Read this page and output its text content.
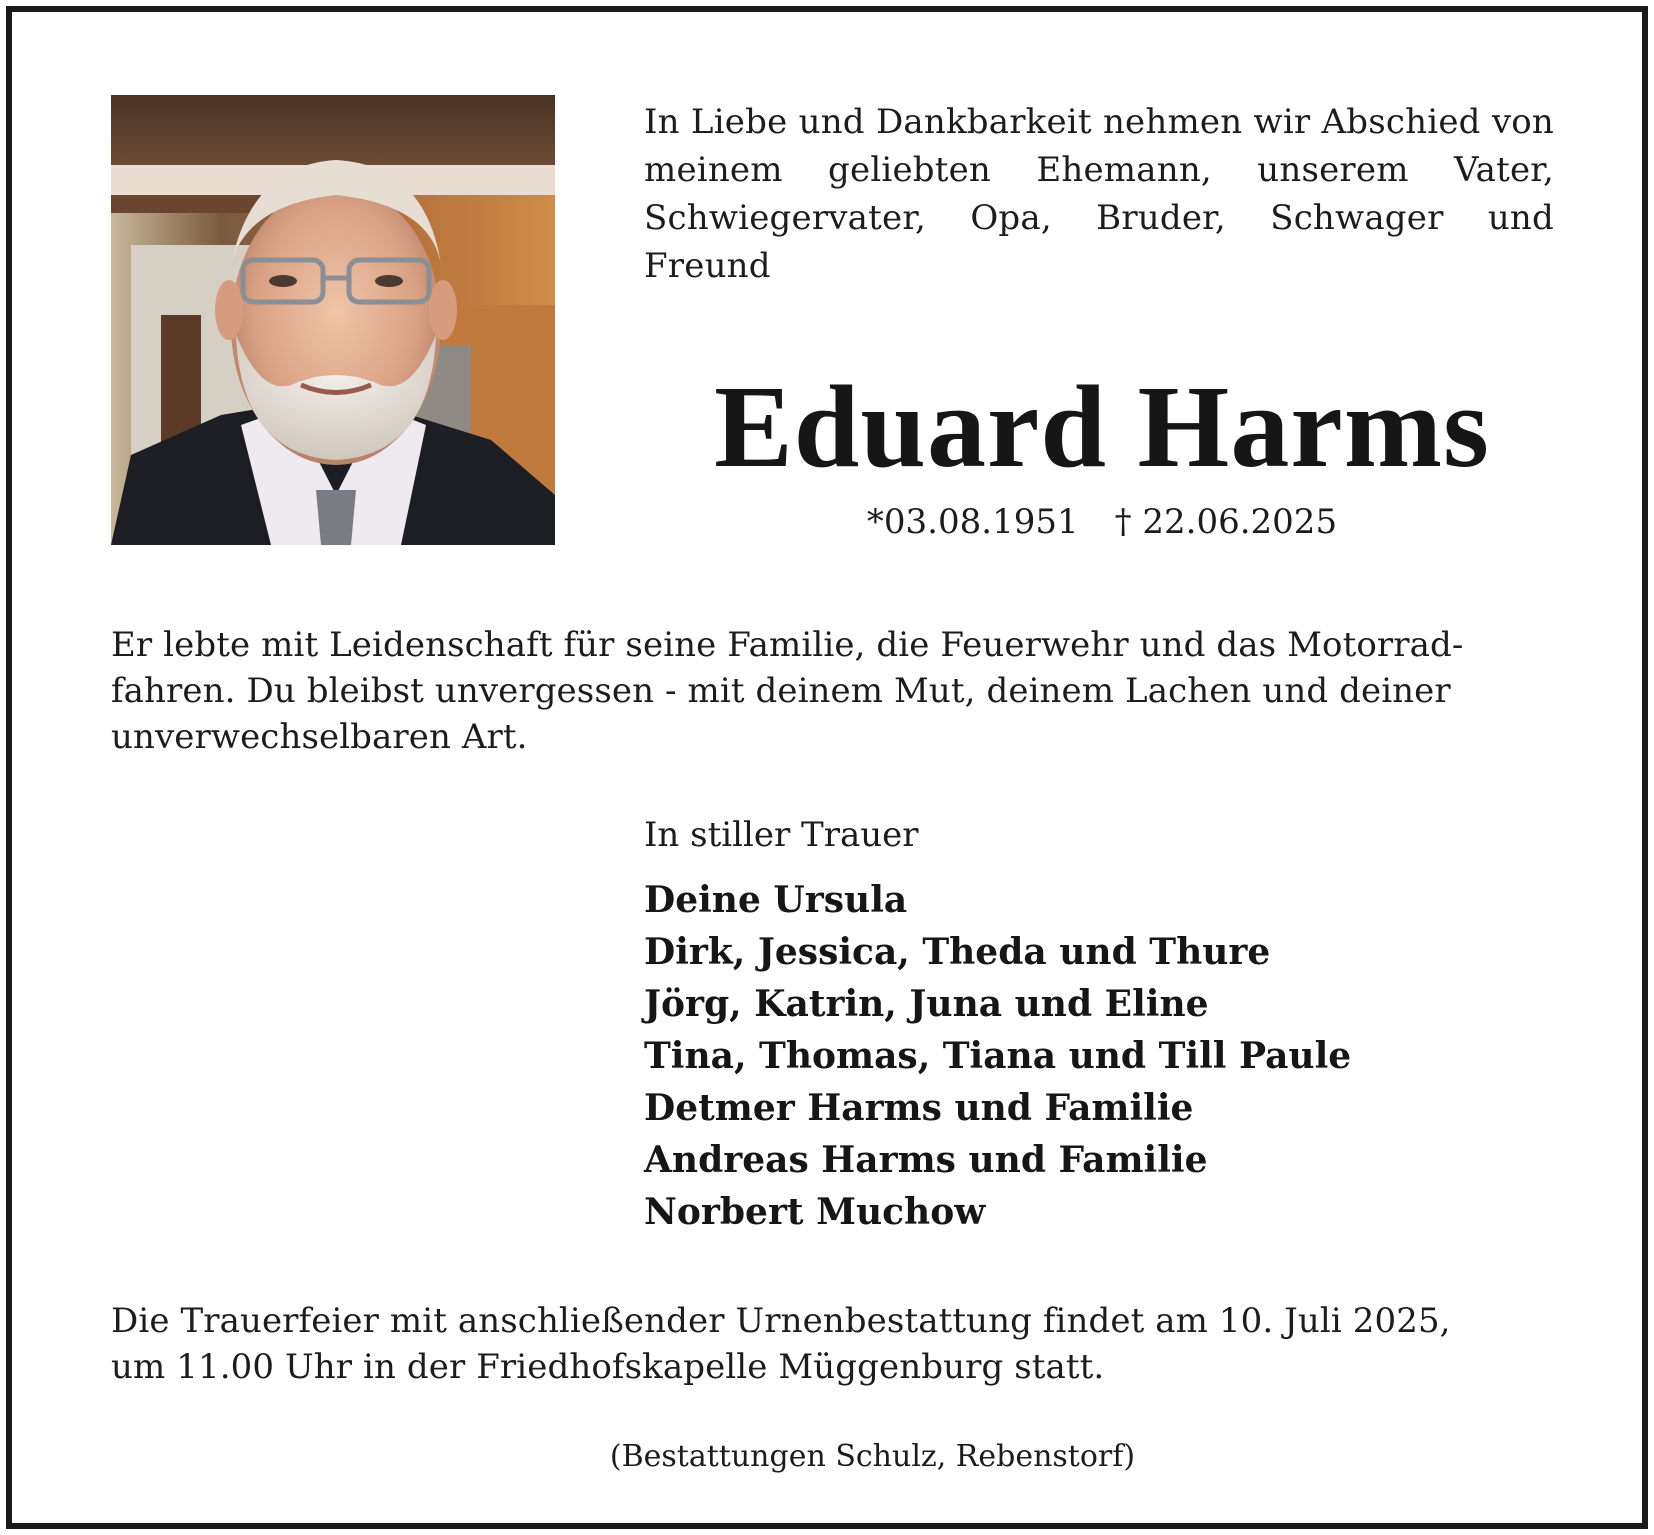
In Liebe und Dankbarkeit nehmen wir Abschied von meinem geliebten Ehemann, unserem Vater, Schwiegervater, Opa, Bruder, Schwager und Freund
Eduard Harms
*03.08.1951 † 22.06.2025
Er lebte mit Leidenschaft für seine Familie, die Feuerwehr und das Motorrad-
fahren. Du bleibst unvergessen - mit deinem Mut, deinem Lachen und deiner
unverwechselbaren Art.
In stiller Trauer
Deine Ursula
Dirk, Jessica, Theda und Thure
Jörg, Katrin, Juna und Eline
Tina, Thomas, Tiana und Till Paule
Detmer Harms und Familie
Andreas Harms und Familie
Norbert Muchow
Die Trauerfeier mit anschließender Urnenbestattung findet am 10. Juli 2025,
um 11.00 Uhr in der Friedhofskapelle Müggenburg statt.
(Bestattungen Schulz, Rebenstorf)
